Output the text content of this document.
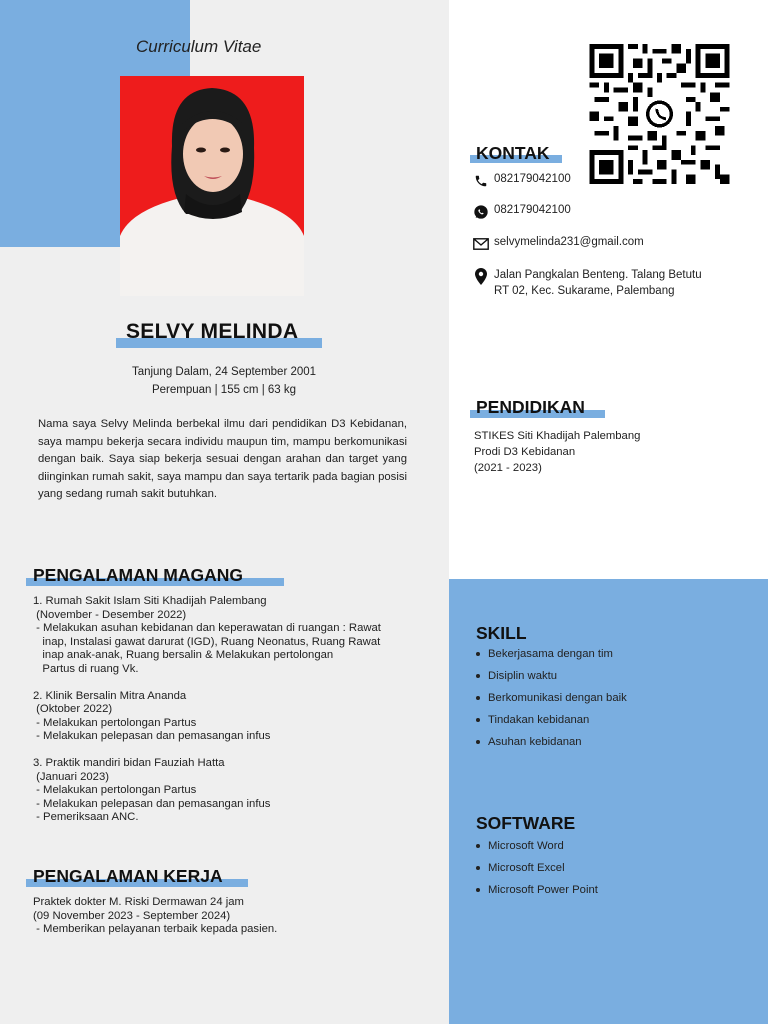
Curriculum Vitae
SELVY MELINDA
Tanjung Dalam, 24 September 2001
Perempuan | 155 cm | 63 kg
Nama saya Selvy Melinda berbekal ilmu dari pendidikan D3 Kebidanan, saya mampu bekerja secara individu maupun tim, mampu berkomunikasi dengan baik. Saya siap bekerja sesuai dengan arahan dan target yang diinginkan rumah sakit, saya mampu dan saya tertarik pada bagian posisi yang sedang rumah sakit butuhkan.
PENGALAMAN MAGANG
1. Rumah Sakit Islam Siti Khadijah Palembang
(November - Desember 2022)
- Melakukan asuhan kebidanan dan keperawatan di ruangan : Rawat
inap, Instalasi gawat darurat (IGD), Ruang Neonatus, Ruang Rawat
inap anak-anak, Ruang bersalin & Melakukan pertolongan
Partus di ruang Vk.
2. Klinik Bersalin Mitra Ananda
(Oktober 2022)
- Melakukan pertolongan Partus
- Melakukan pelepasan dan pemasangan infus
3. Praktik mandiri bidan Fauziah Hatta
(Januari 2023)
- Melakukan pertolongan Partus
- Melakukan pelepasan dan pemasangan infus
- Pemeriksaan ANC.
PENGALAMAN KERJA
Praktek dokter M. Riski Dermawan 24 jam
(09 November 2023 - September 2024)
- Memberikan pelayanan terbaik kepada pasien.
KONTAK
082179042100
082179042100
selvymelinda231@gmail.com
Jalan Pangkalan Benteng. Talang Betutu
RT 02, Kec. Sukarame, Palembang
PENDIDIKAN
STIKES Siti Khadijah Palembang
Prodi D3 Kebidanan
(2021 - 2023)
SKILL
Bekerjasama dengan tim
Disiplin waktu
Berkomunikasi dengan baik
Tindakan kebidanan
Asuhan kebidanan
SOFTWARE
Microsoft Word
Microsoft Excel
Microsoft Power Point
